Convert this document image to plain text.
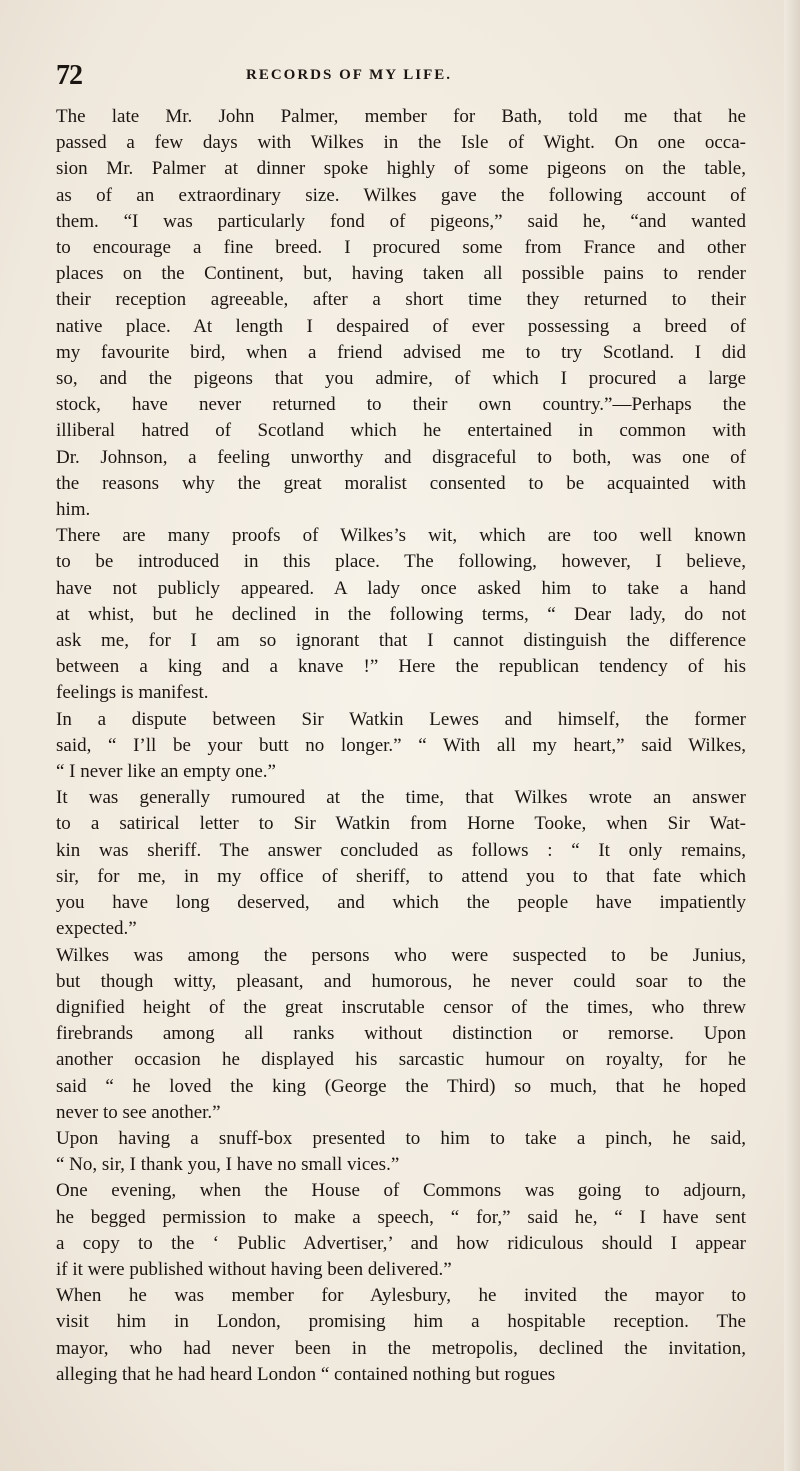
72	RECORDS OF MY LIFE.

The late Mr. John Palmer, member for Bath, told me that he
passed a few days with Wilkes in the Isle of Wight. On one occa-
sion Mr. Palmer at dinner spoke highly of some pigeons on the table,
as of an extraordinary size. Wilkes gave the following account of
them. “I was particularly fond of pigeons,” said he, “and wanted
to encourage a fine breed. I procured some from France and other
places on the Continent, but, having taken all possible pains to render
their reception agreeable, after a short time they returned to their
native place. At length I despaired of ever possessing a breed of
my favourite bird, when a friend advised me to try Scotland. I did
so, and the pigeons that you admire, of which I procured a large
stock, have never returned to their own country.”—Perhaps the
illiberal hatred of Scotland which he entertained in common with
Dr. Johnson, a feeling unworthy and disgraceful to both, was one of
the reasons why the great moralist consented to be acquainted with
him.

There are many proofs of Wilkes’s wit, which are too well known
to be introduced in this place. The following, however, I believe,
have not publicly appeared. A lady once asked him to take a hand
at whist, but he declined in the following terms, “ Dear lady, do not
ask me, for I am so ignorant that I cannot distinguish the difference
between a king and a knave !” Here the republican tendency of his
feelings is manifest.

In a dispute between Sir Watkin Lewes and himself, the former
said, “ I’ll be your butt no longer.” “ With all my heart,” said Wilkes,
“ I never like an empty one.”

It was generally rumoured at the time, that Wilkes wrote an answer
to a satirical letter to Sir Watkin from Horne Tooke, when Sir Wat-
kin was sheriff. The answer concluded as follows : “ It only remains,
sir, for me, in my office of sheriff, to attend you to that fate which
you have long deserved, and which the people have impatiently
expected.”

Wilkes was among the persons who were suspected to be Junius,
but though witty, pleasant, and humorous, he never could soar to the
dignified height of the great inscrutable censor of the times, who threw
firebrands among all ranks without distinction or remorse. Upon
another occasion he displayed his sarcastic humour on royalty, for he
said “ he loved the king (George the Third) so much, that he hoped
never to see another.”

Upon having a snuff-box presented to him to take a pinch, he said,
“ No, sir, I thank you, I have no small vices.”

One evening, when the House of Commons was going to adjourn,
he begged permission to make a speech, “ for,” said he, “ I have sent
a copy to the ‘ Public Advertiser,’ and how ridiculous should I appear
if it were published without having been delivered.”

When he was member for Aylesbury, he invited the mayor to
visit him in London, promising him a hospitable reception. The
mayor, who had never been in the metropolis, declined the invitation,
alleging that he had heard London “ contained nothing but rogues
